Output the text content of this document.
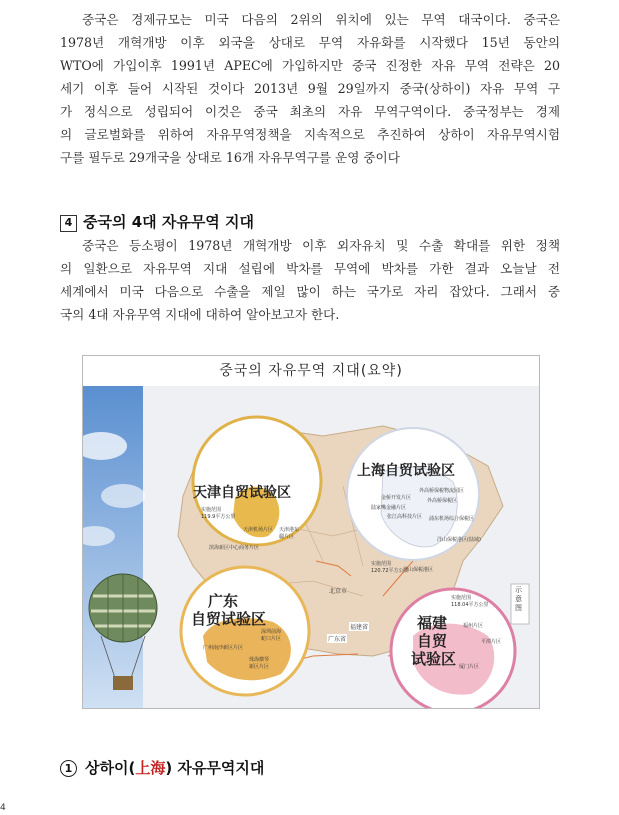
중국은 경제규모는 미국 다음의 2위의 위치에 있는 무역 대국이다. 중국은
1978년 개혁개방 이후 외국을 상대로 무역 자유화를 시작했다 15년 동안의
WTO에 가입이후 1991년 APEC에 가입하지만 중국 진정한 자유 무역 전략은 20
세기 이후 들어 시작된 것이다 2013년 9월 29일까지 중국(상하이) 자유 무역 구
가 정식으로 성립되어 이것은 중국 최초의 자유 무역구역이다. 중국정부는 경제
의 글로벌화를 위하여 자유무역정책을 지속적으로 추진하여 상하이 자유무역시험
구를 필두로 29개국을 상대로 16개 자유무역구를 운영 중이다
4 중국의 4대 자유무역 지대
중국은 등소평이 1978년 개혁개방 이후 외자유치 및 수출 확대를 위한 정책
의 일환으로 자유무역 지대 설립에 박차를 무역에 박차를 가한 결과 오늘날 전
세계에서 미국 다음으로 수출을 제일 많이 하는 국가로 자리 잡았다. 그래서 중
국의 4대 자유무역 지대에 대하여 알아보고자 한다.
중국의 자유무역 지대(요약)
天津自贸试验区
实施范围
119.9平方公里
天津机场片区 天津港东疆片区
滨海新区中心商务片区
上海自贸试验区
外高桥保税物流园区
金桥开发片区	外高桥保税区
陆家嘴金融片区
张江高科技片区 浦东机场综合保税区
洋山保税港区(陆域)
实施范围
120.72平方公里
洋山保税港区
示意图
北京市
广东
自贸试验区
深圳前海
蛇口片区
广州南沙新区片区
珠海横琴
新区片区
广东省
福建
自贸
试验区
实施范围
118.04平方公里
福州片区
平潭片区
厦门片区
福建省
1 상하이(上海) 자유무역지대
4
